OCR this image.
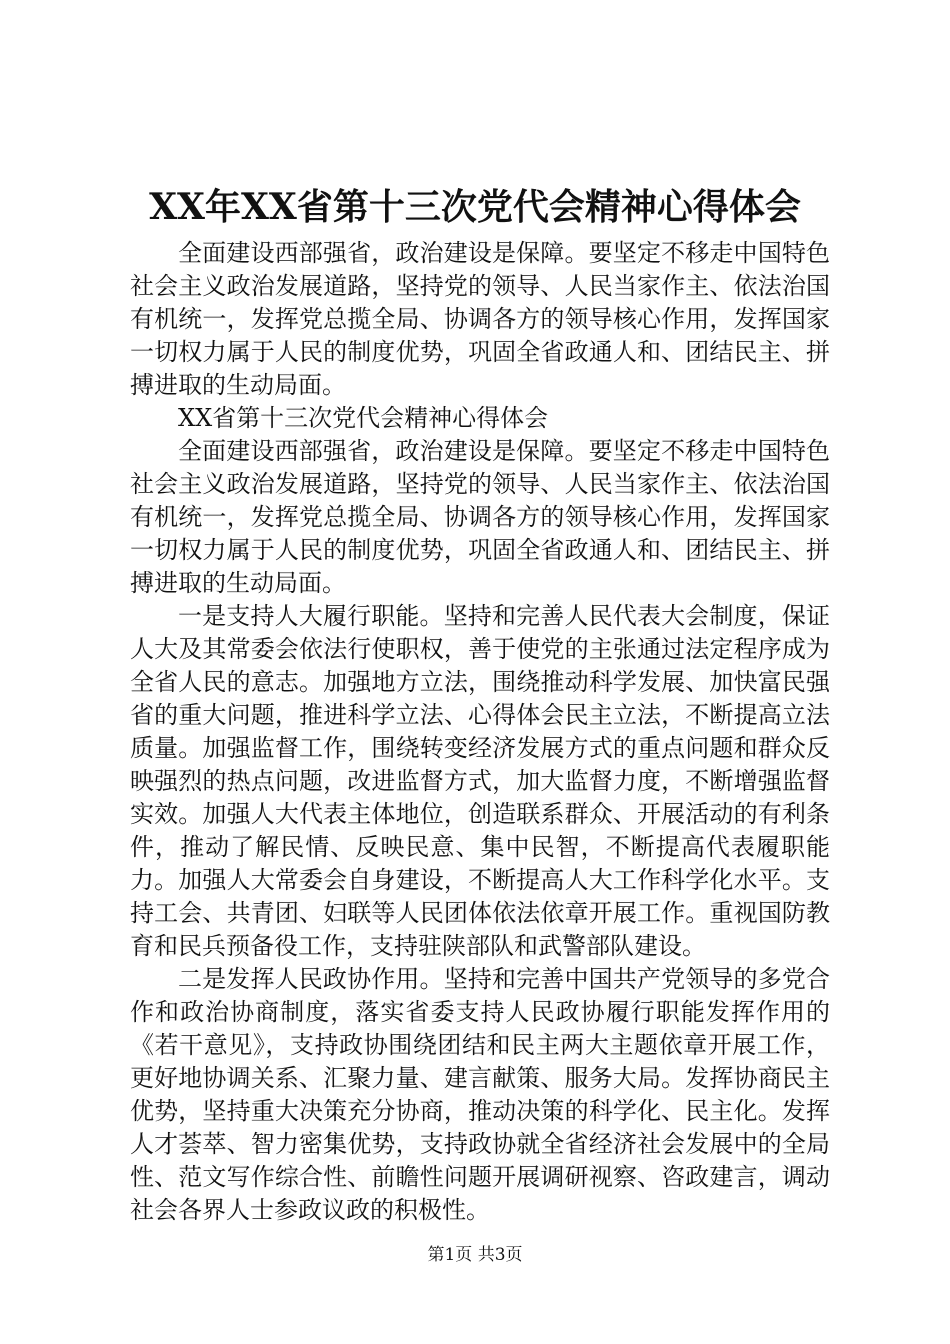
XX年XX省第十三次党代会精神心得体会

全面建设西部强省，政治建设是保障。要坚定不移走中国特色社会主义政治发展道路，坚持党的领导、人民当家作主、依法治国有机统一，发挥党总揽全局、协调各方的领导核心作用，发挥国家一切权力属于人民的制度优势，巩固全省政通人和、团结民主、拼搏进取的生动局面。

XX省第十三次党代会精神心得体会

全面建设西部强省，政治建设是保障。要坚定不移走中国特色社会主义政治发展道路，坚持党的领导、人民当家作主、依法治国有机统一，发挥党总揽全局、协调各方的领导核心作用，发挥国家一切权力属于人民的制度优势，巩固全省政通人和、团结民主、拼搏进取的生动局面。

一是支持人大履行职能。坚持和完善人民代表大会制度，保证人大及其常委会依法行使职权，善于使党的主张通过法定程序成为全省人民的意志。加强地方立法，围绕推动科学发展、加快富民强省的重大问题，推进科学立法、心得体会民主立法，不断提高立法质量。加强监督工作，围绕转变经济发展方式的重点问题和群众反映强烈的热点问题，改进监督方式，加大监督力度，不断增强监督实效。加强人大代表主体地位，创造联系群众、开展活动的有利条件，推动了解民情、反映民意、集中民智，不断提高代表履职能力。加强人大常委会自身建设，不断提高人大工作科学化水平。支持工会、共青团、妇联等人民团体依法依章开展工作。重视国防教育和民兵预备役工作，支持驻陕部队和武警部队建设。

二是发挥人民政协作用。坚持和完善中国共产党领导的多党合作和政治协商制度，落实省委支持人民政协履行职能发挥作用的《若干意见》，支持政协围绕团结和民主两大主题依章开展工作，更好地协调关系、汇聚力量、建言献策、服务大局。发挥协商民主优势，坚持重大决策充分协商，推动决策的科学化、民主化。发挥人才荟萃、智力密集优势，支持政协就全省经济社会发展中的全局性、范文写作综合性、前瞻性问题开展调研视察、咨政建言，调动社会各界人士参政议政的积极性。

第1页 共3页
